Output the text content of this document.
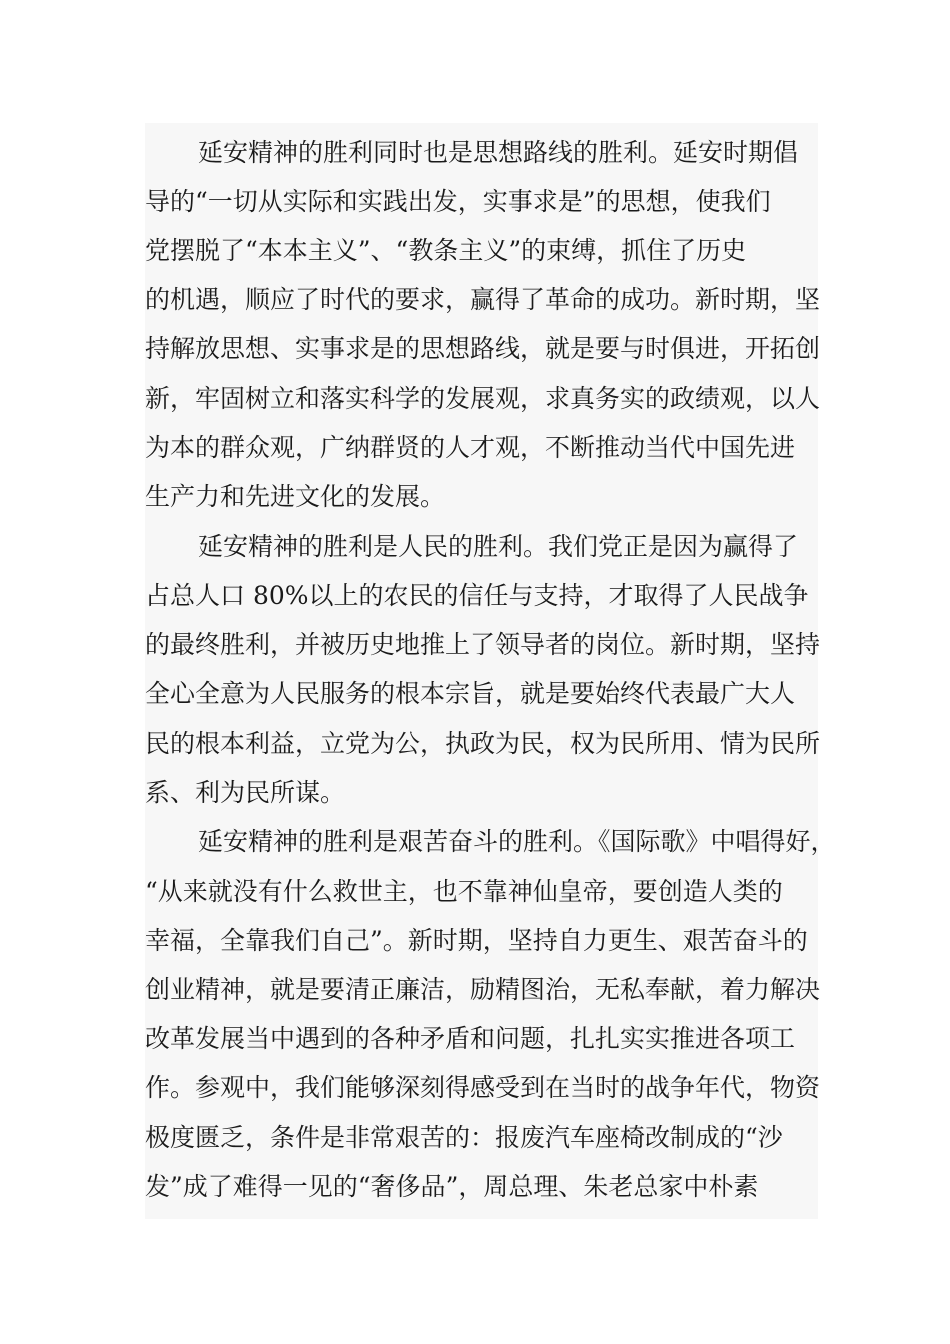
延安精神的胜利同时也是思想路线的胜利。延安时期倡

导的“一切从实际和实践出发，实事求是”的思想，使我们

党摆脱了“本本主义”、“教条主义”的束缚，抓住了历史

的机遇，顺应了时代的要求，赢得了革命的成功。新时期，坚

持解放思想、实事求是的思想路线，就是要与时俱进，开拓创

新，牢固树立和落实科学的发展观，求真务实的政绩观，以人

为本的群众观，广纳群贤的人才观，不断推动当代中国先进

生产力和先进文化的发展。

延安精神的胜利是人民的胜利。我们党正是因为赢得了

占总人口 80%以上的农民的信任与支持，才取得了人民战争

的最终胜利，并被历史地推上了领导者的岗位。新时期，坚持

全心全意为人民服务的根本宗旨，就是要始终代表最广大人

民的根本利益，立党为公，执政为民，权为民所用、情为民所

系、利为民所谋。

延安精神的胜利是艰苦奋斗的胜利。《国际歌》中唱得好，

“从来就没有什么救世主，也不靠神仙皇帝，要创造人类的

幸福，全靠我们自己”。新时期，坚持自力更生、艰苦奋斗的

创业精神，就是要清正廉洁，励精图治，无私奉献，着力解决

改革发展当中遇到的各种矛盾和问题，扎扎实实推进各项工

作。参观中，我们能够深刻得感受到在当时的战争年代，物资

极度匮乏，条件是非常艰苦的：报废汽车座椅改制成的“沙

发”成了难得一见的“奢侈品”，周总理、朱老总家中朴素
